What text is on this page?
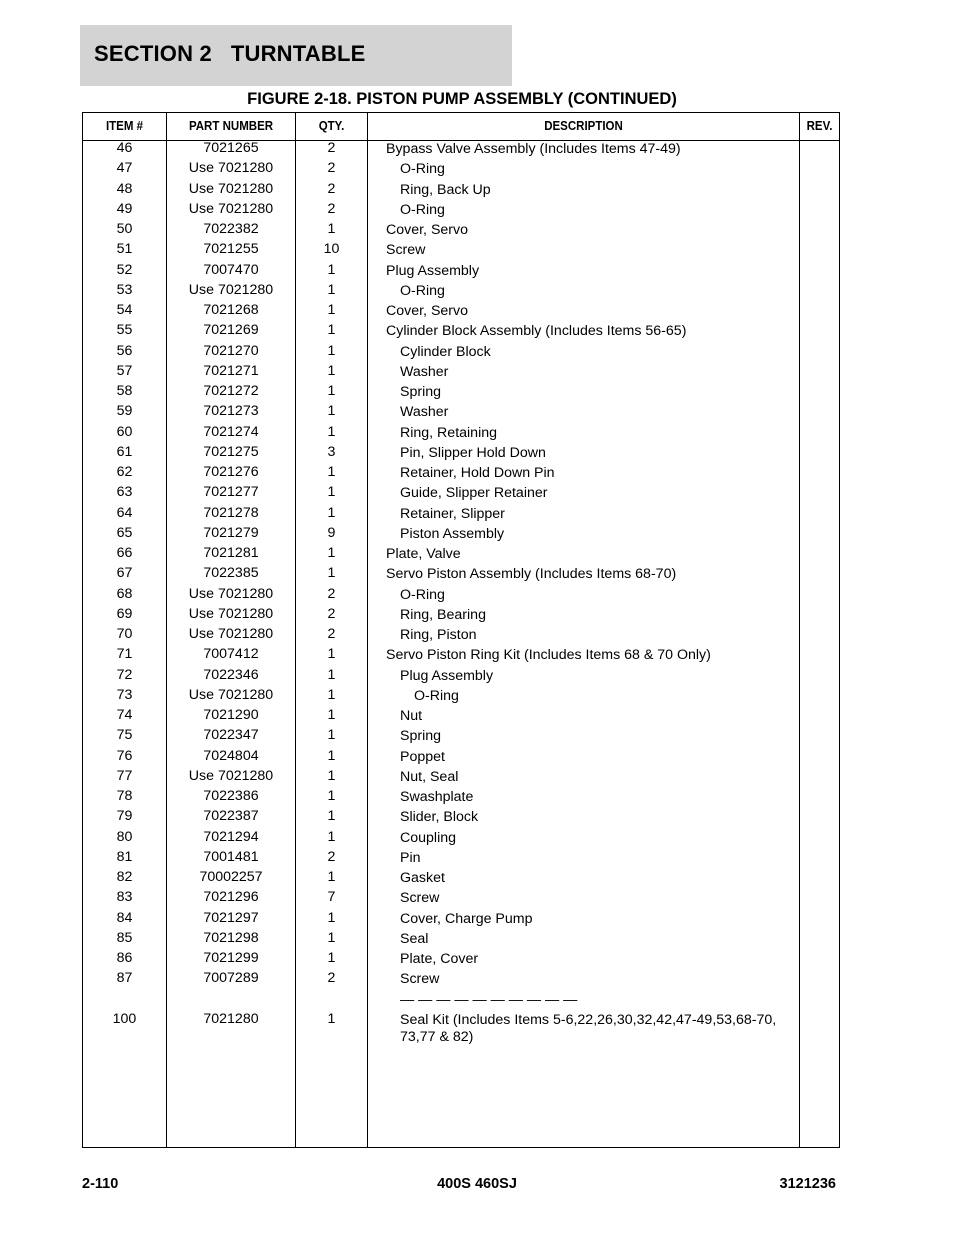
SECTION 2   TURNTABLE
FIGURE 2-18. PISTON PUMP ASSEMBLY (CONTINUED)
ITEM #	PART NUMBER	QTY.	DESCRIPTION	REV.
46	7021265	2	Bypass Valve Assembly (Includes Items 47-49)
47	Use 7021280	2	O-Ring
48	Use 7021280	2	Ring, Back Up
49	Use 7021280	2	O-Ring
50	7022382	1	Cover, Servo
51	7021255	10	Screw
52	7007470	1	Plug Assembly
53	Use 7021280	1	O-Ring
54	7021268	1	Cover, Servo
55	7021269	1	Cylinder Block Assembly (Includes Items 56-65)
56	7021270	1	Cylinder Block
57	7021271	1	Washer
58	7021272	1	Spring
59	7021273	1	Washer
60	7021274	1	Ring, Retaining
61	7021275	3	Pin, Slipper Hold Down
62	7021276	1	Retainer, Hold Down Pin
63	7021277	1	Guide, Slipper Retainer
64	7021278	1	Retainer, Slipper
65	7021279	9	Piston Assembly
66	7021281	1	Plate, Valve
67	7022385	1	Servo Piston Assembly (Includes Items 68-70)
68	Use 7021280	2	O-Ring
69	Use 7021280	2	Ring, Bearing
70	Use 7021280	2	Ring, Piston
71	7007412	1	Servo Piston Ring Kit (Includes Items 68 & 70 Only)
72	7022346	1	Plug Assembly
73	Use 7021280	1	O-Ring
74	7021290	1	Nut
75	7022347	1	Spring
76	7024804	1	Poppet
77	Use 7021280	1	Nut, Seal
78	7022386	1	Swashplate
79	7022387	1	Slider, Block
80	7021294	1	Coupling
81	7001481	2	Pin
82	70002257	1	Gasket
83	7021296	7	Screw
84	7021297	1	Cover, Charge Pump
85	7021298	1	Seal
86	7021299	1	Plate, Cover
87	7007289	2	Screw
— — — — — — — — — —
100	7021280	1	Seal Kit (Includes Items 5-6,22,26,30,32,42,47-49,53,68-70,
73,77 & 82)
2-110	400S 460SJ	3121236
